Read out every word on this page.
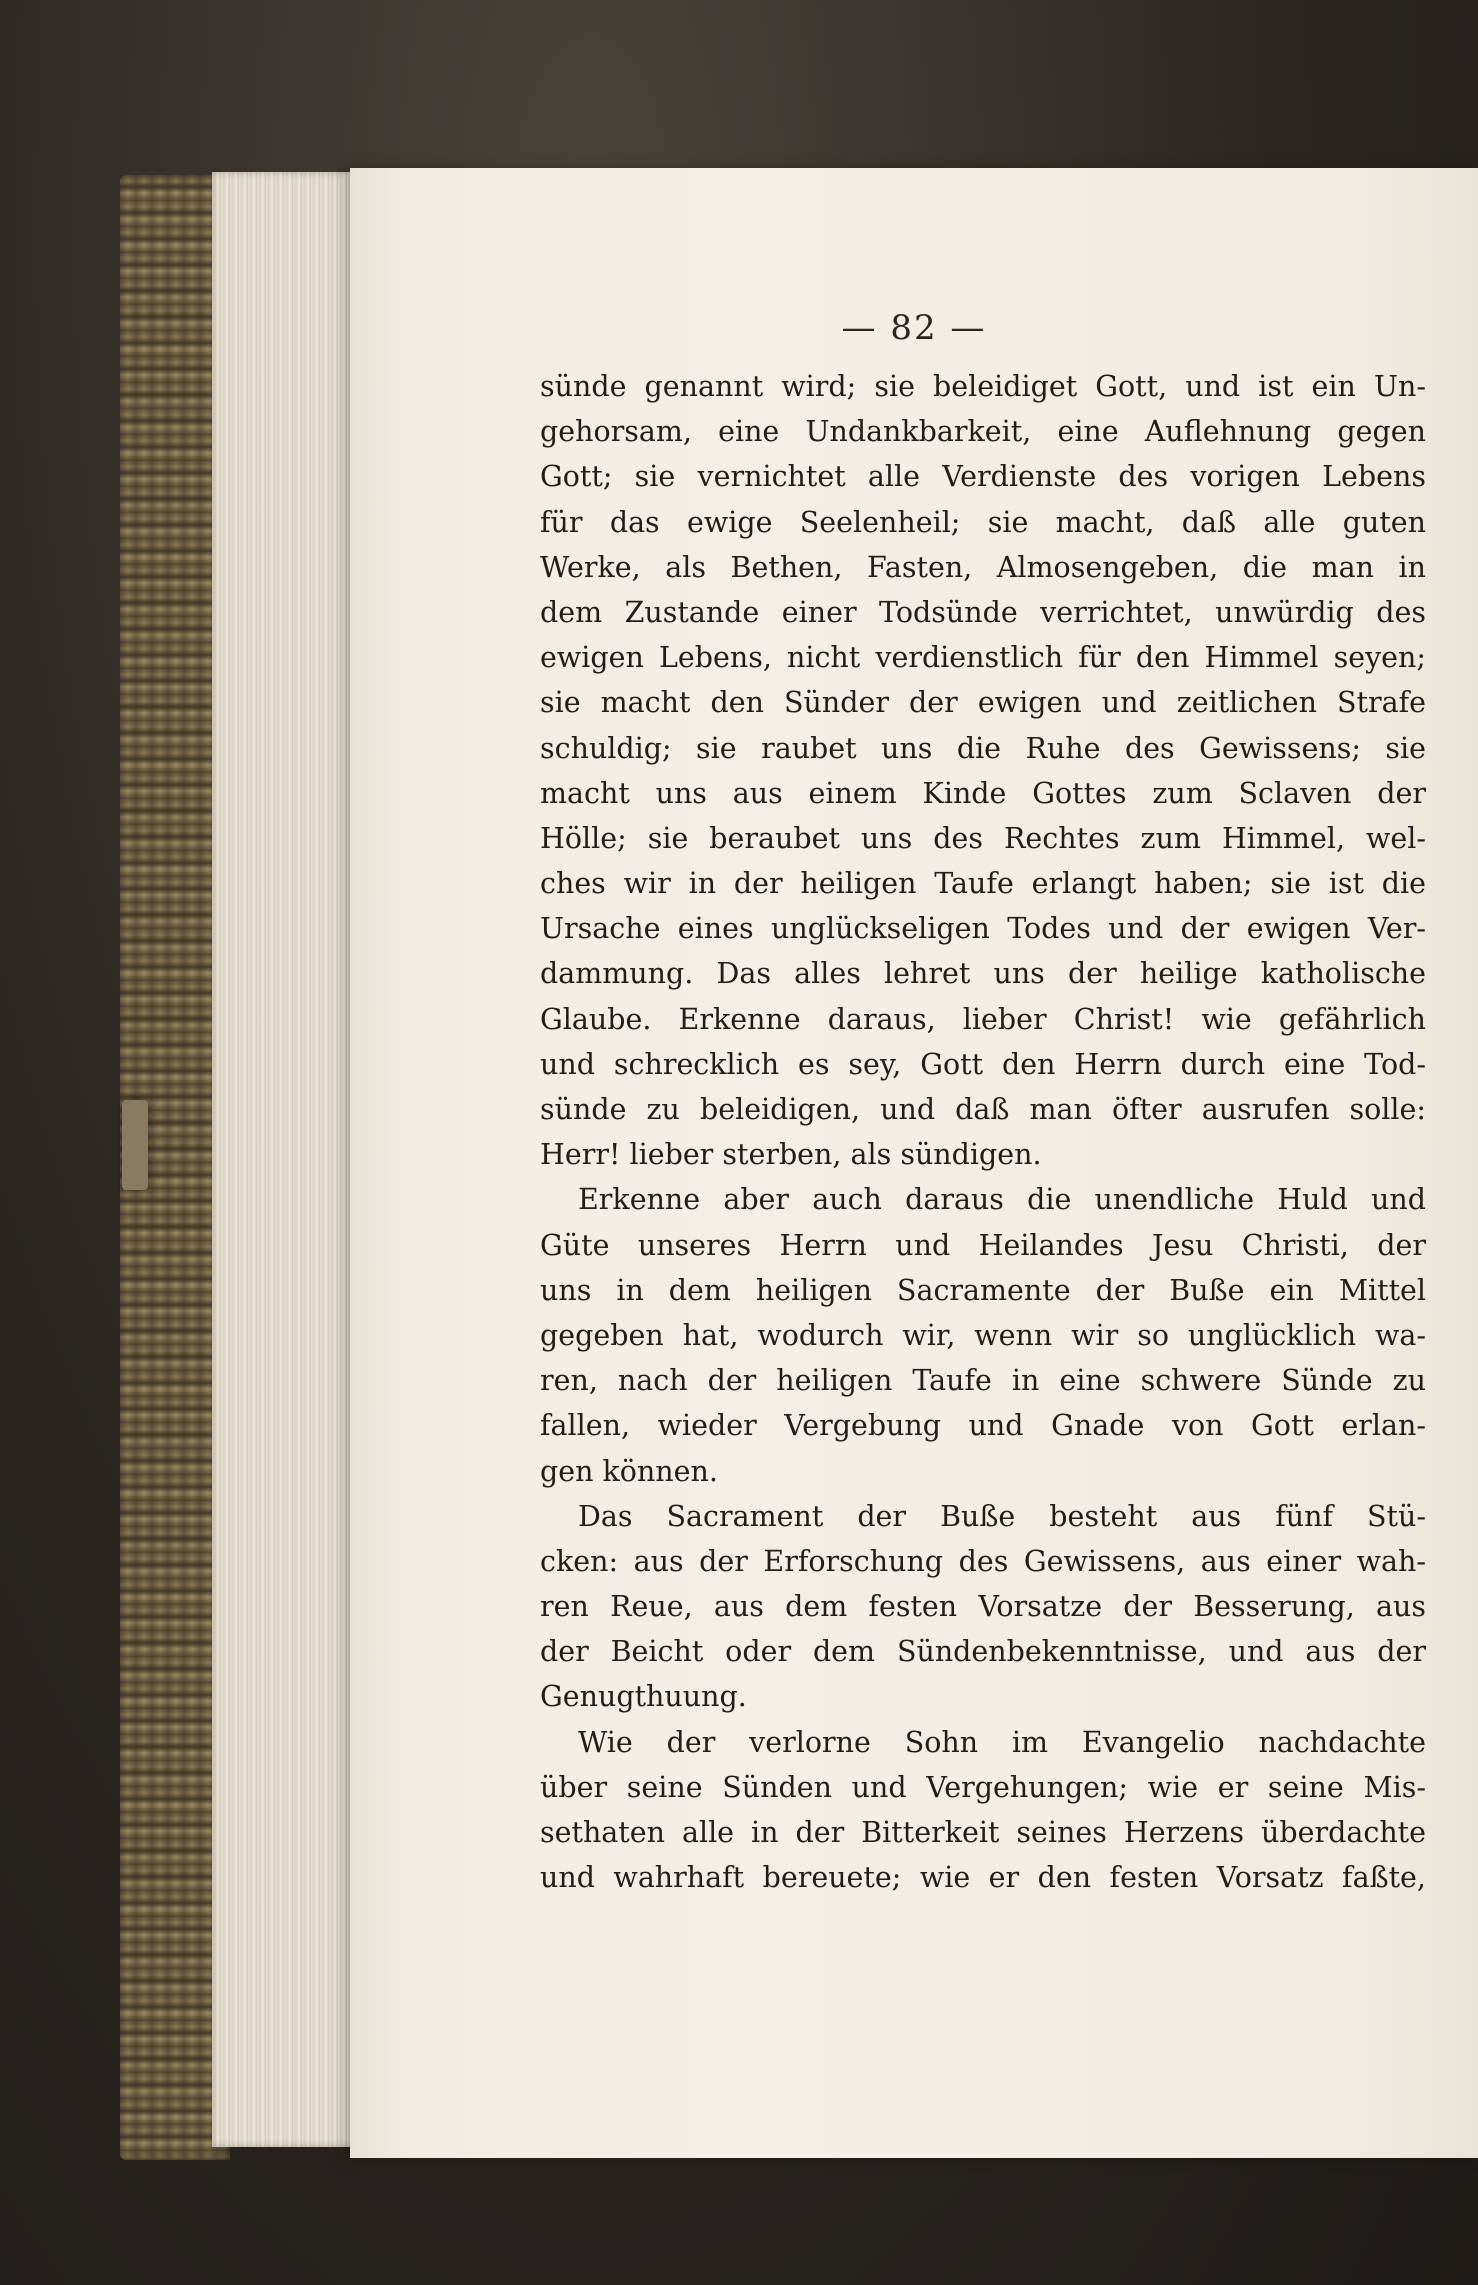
— 82 —
sünde genannt wird; sie beleidiget Gott, und ist ein Un-
gehorsam, eine Undankbarkeit, eine Auflehnung gegen
Gott; sie vernichtet alle Verdienste des vorigen Lebens
für das ewige Seelenheil; sie macht, daß alle guten
Werke, als Bethen, Fasten, Almosengeben, die man in
dem Zustande einer Todsünde verrichtet, unwürdig des
ewigen Lebens, nicht verdienstlich für den Himmel seyen;
sie macht den Sünder der ewigen und zeitlichen Strafe
schuldig; sie raubet uns die Ruhe des Gewissens; sie
macht uns aus einem Kinde Gottes zum Sclaven der
Hölle; sie beraubet uns des Rechtes zum Himmel, wel-
ches wir in der heiligen Taufe erlangt haben; sie ist die
Ursache eines unglückseligen Todes und der ewigen Ver-
dammung. Das alles lehret uns der heilige katholische
Glaube. Erkenne daraus, lieber Christ! wie gefährlich
und schrecklich es sey, Gott den Herrn durch eine Tod-
sünde zu beleidigen, und daß man öfter ausrufen solle:
Herr! lieber sterben, als sündigen.
Erkenne aber auch daraus die unendliche Huld und
Güte unseres Herrn und Heilandes Jesu Christi, der
uns in dem heiligen Sacramente der Buße ein Mittel
gegeben hat, wodurch wir, wenn wir so unglücklich wa-
ren, nach der heiligen Taufe in eine schwere Sünde zu
fallen, wieder Vergebung und Gnade von Gott erlan-
gen können.
Das Sacrament der Buße besteht aus fünf Stü-
cken: aus der Erforschung des Gewissens, aus einer wah-
ren Reue, aus dem festen Vorsatze der Besserung, aus
der Beicht oder dem Sündenbekenntnisse, und aus der
Genugthuung.
Wie der verlorne Sohn im Evangelio nachdachte
über seine Sünden und Vergehungen; wie er seine Mis-
sethaten alle in der Bitterkeit seines Herzens überdachte
und wahrhaft bereuete; wie er den festen Vorsatz faßte,
